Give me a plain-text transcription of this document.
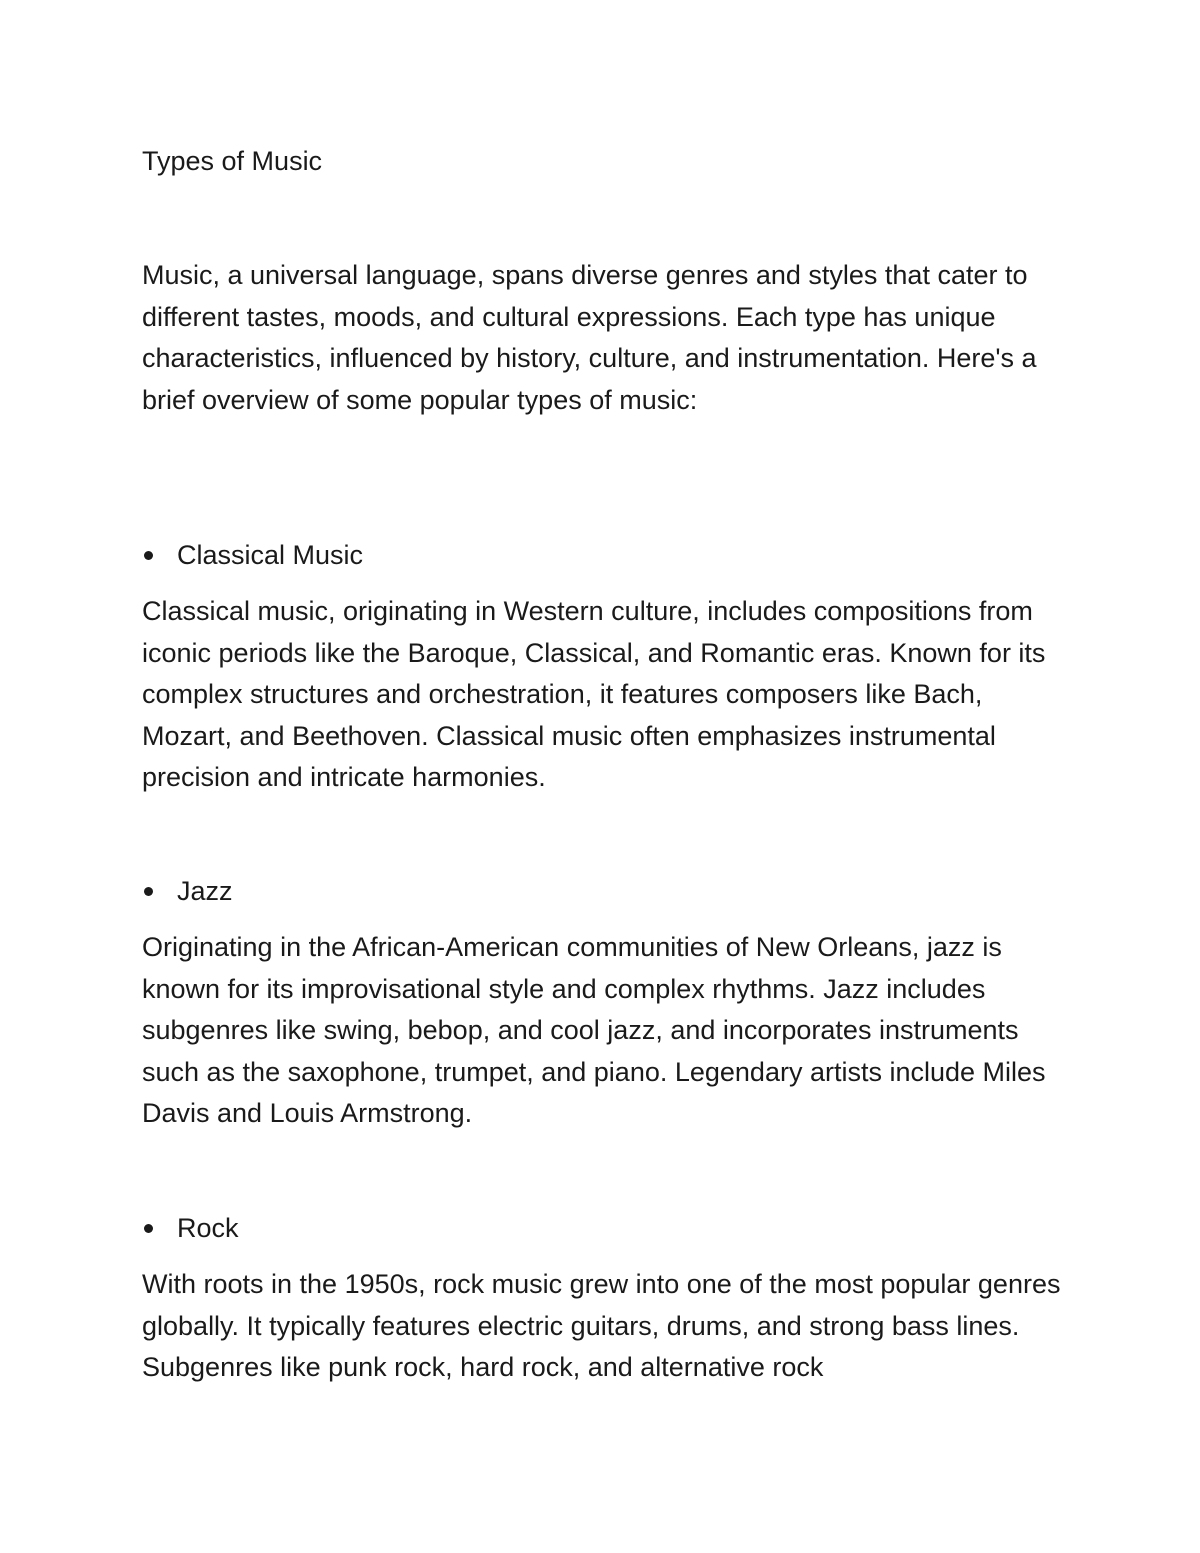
Types of Music

Music, a universal language, spans diverse genres and styles that cater to different tastes, moods, and cultural expressions. Each type has unique characteristics, influenced by history, culture, and instrumentation. Here's a brief overview of some popular types of music:

Classical Music

Classical music, originating in Western culture, includes compositions from iconic periods like the Baroque, Classical, and Romantic eras. Known for its complex structures and orchestration, it features composers like Bach, Mozart, and Beethoven. Classical music often emphasizes instrumental precision and intricate harmonies.

Jazz

Originating in the African-American communities of New Orleans, jazz is known for its improvisational style and complex rhythms. Jazz includes subgenres like swing, bebop, and cool jazz, and incorporates instruments such as the saxophone, trumpet, and piano. Legendary artists include Miles Davis and Louis Armstrong.

Rock

With roots in the 1950s, rock music grew into one of the most popular genres globally. It typically features electric guitars, drums, and strong bass lines. Subgenres like punk rock, hard rock, and alternative rock
